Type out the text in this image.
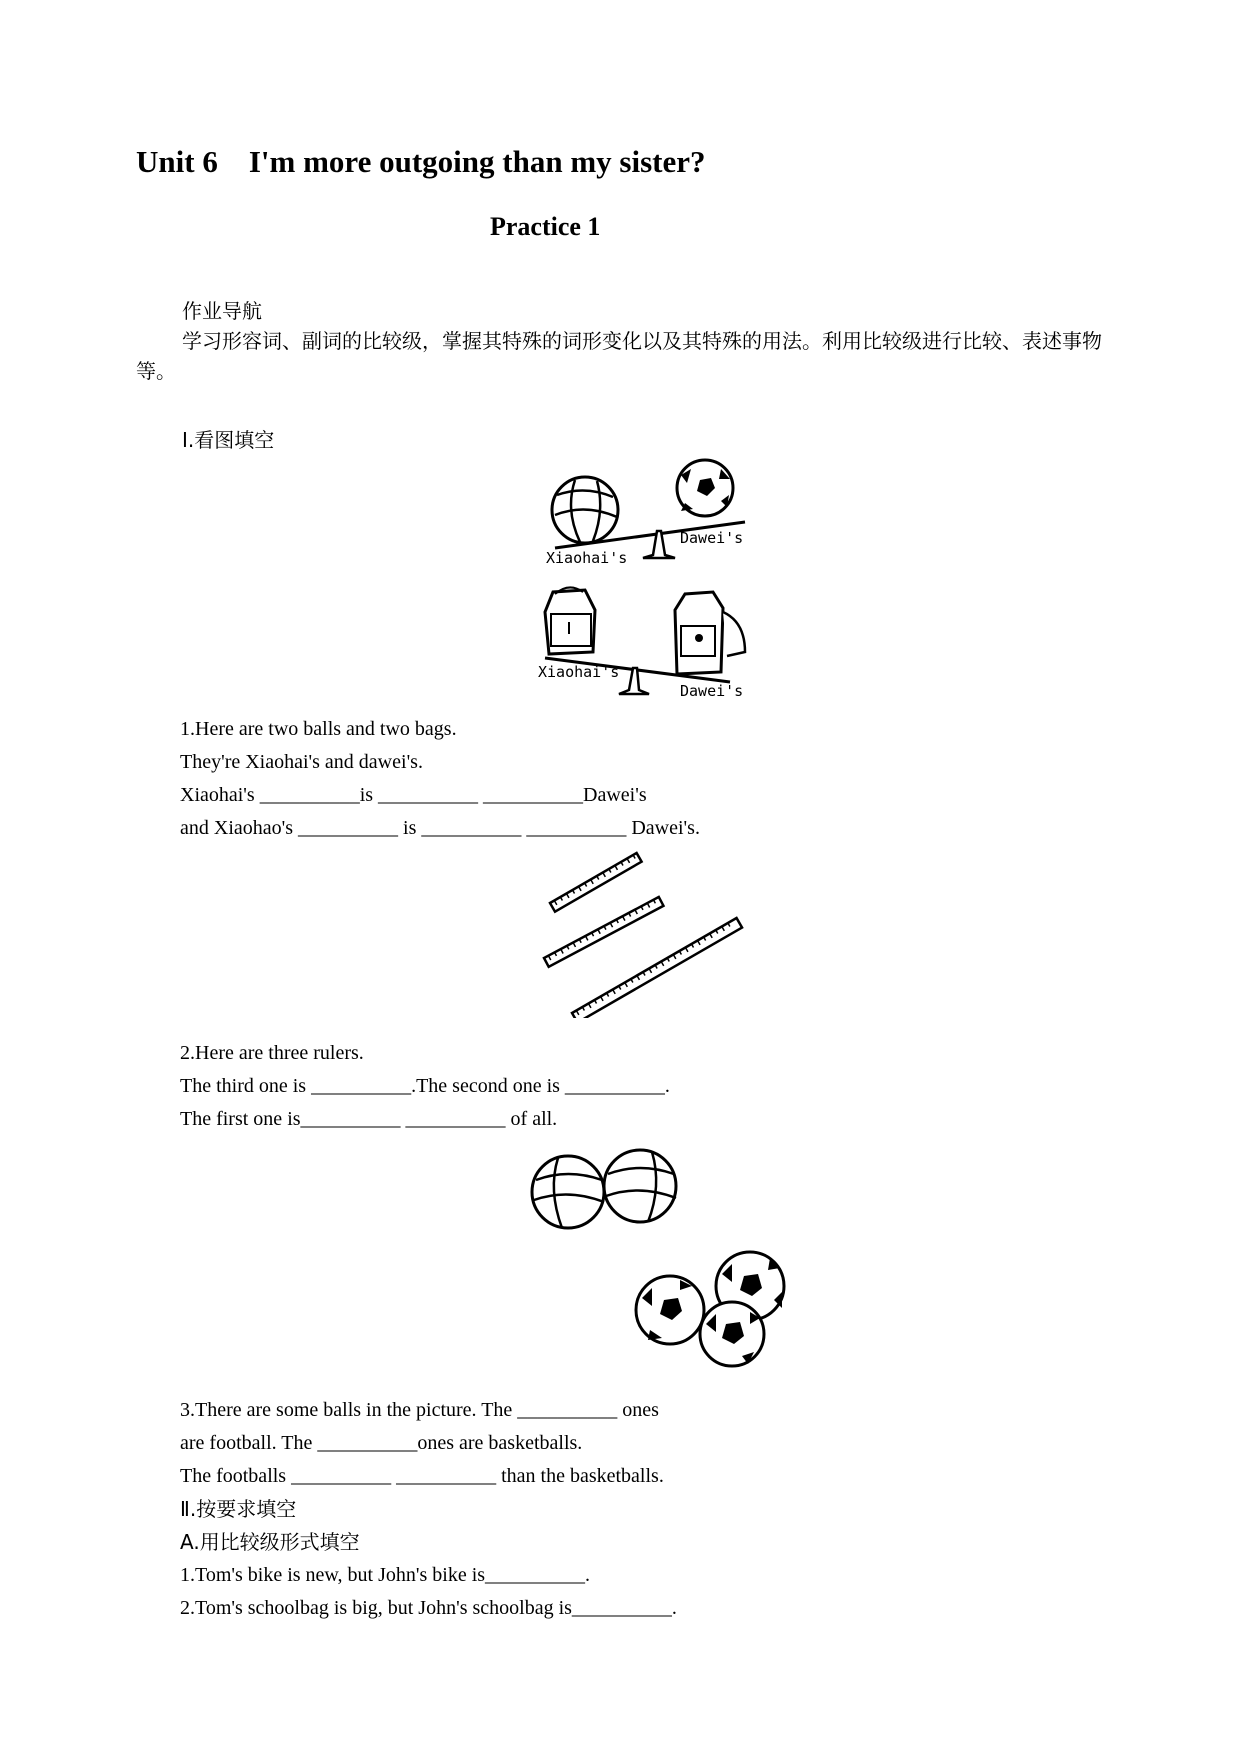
Unit 6    I'm more outgoing than my sister?
Practice 1
作业导航
学习形容词、副词的比较级，掌握其特殊的词形变化以及其特殊的用法。利用比较级进行比较、表述事物等。
Ⅰ.看图填空
Xiaohai's
Dawei's
Xiaohai's
Dawei's
1.Here are two balls and two bags.
They're Xiaohai's and dawei's.
Xiaohai's __________is __________ __________Dawei's
and Xiaohao's __________ is __________ __________ Dawei's.
2.Here are three rulers.
The third one is __________.The second one is __________.
The first one is__________ __________ of all.
3.There are some balls in the picture. The __________ ones
are football. The __________ones are basketballs.
The footballs __________ __________ than the basketballs.
Ⅱ.按要求填空
A.用比较级形式填空
1.Tom's bike is new, but John's bike is__________.
2.Tom's schoolbag is big, but John's schoolbag is__________.
